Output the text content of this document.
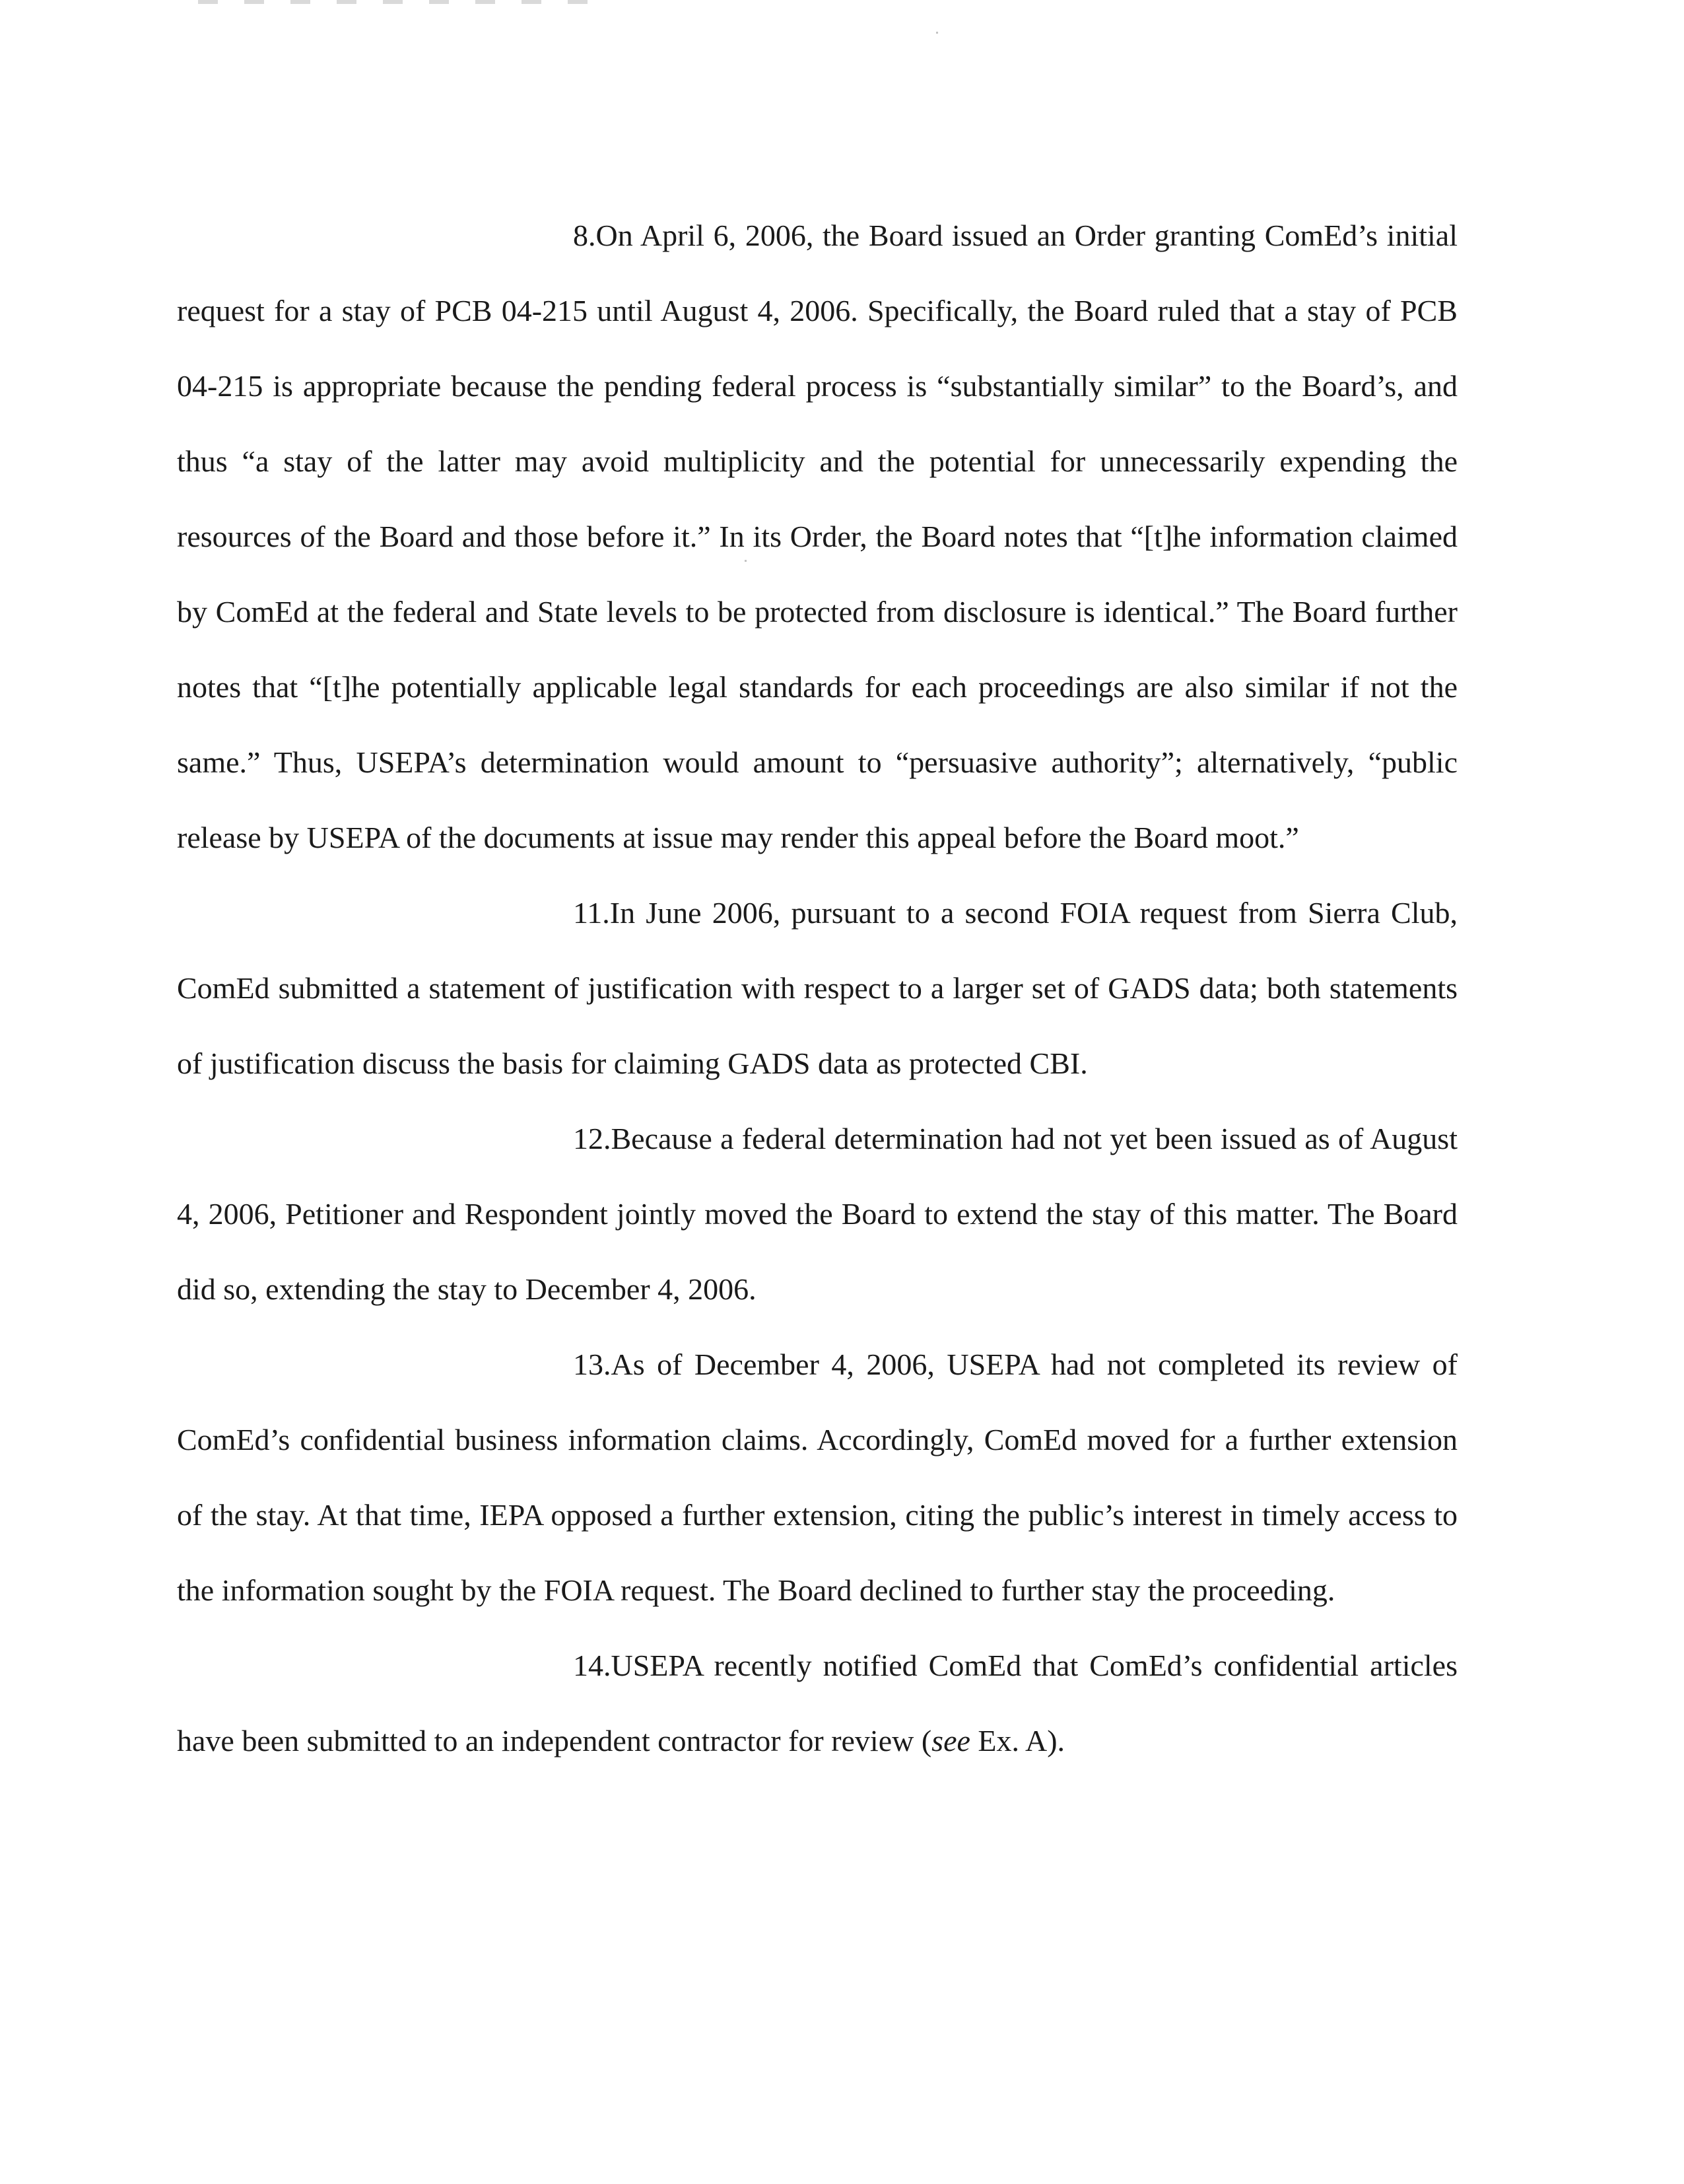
8.On April 6, 2006, the Board issued an Order granting ComEd’s initial request for a stay of PCB 04-215 until August 4, 2006. Specifically, the Board ruled that a stay of PCB 04-215 is appropriate because the pending federal process is “substantially similar” to the Board’s, and thus “a stay of the latter may avoid multiplicity and the potential for unnecessarily expending the resources of the Board and those before it.” In its Order, the Board notes that “[t]he information claimed by ComEd at the federal and State levels to be protected from disclosure is identical.” The Board further notes that “[t]he potentially applicable legal standards for each proceedings are also similar if not the same.” Thus, USEPA’s determination would amount to “persuasive authority”; alternatively, “public release by USEPA of the documents at issue may render this appeal before the Board moot.”

11.In June 2006, pursuant to a second FOIA request from Sierra Club, ComEd submitted a statement of justification with respect to a larger set of GADS data; both statements of justification discuss the basis for claiming GADS data as protected CBI.

12.Because a federal determination had not yet been issued as of August 4, 2006, Petitioner and Respondent jointly moved the Board to extend the stay of this matter. The Board did so, extending the stay to December 4, 2006.

13.As of December 4, 2006, USEPA had not completed its review of ComEd’s confidential business information claims. Accordingly, ComEd moved for a further extension of the stay. At that time, IEPA opposed a further extension, citing the public’s interest in timely access to the information sought by the FOIA request. The Board declined to further stay the proceeding.

14.USEPA recently notified ComEd that ComEd’s confidential articles have been submitted to an independent contractor for review (see Ex. A).
